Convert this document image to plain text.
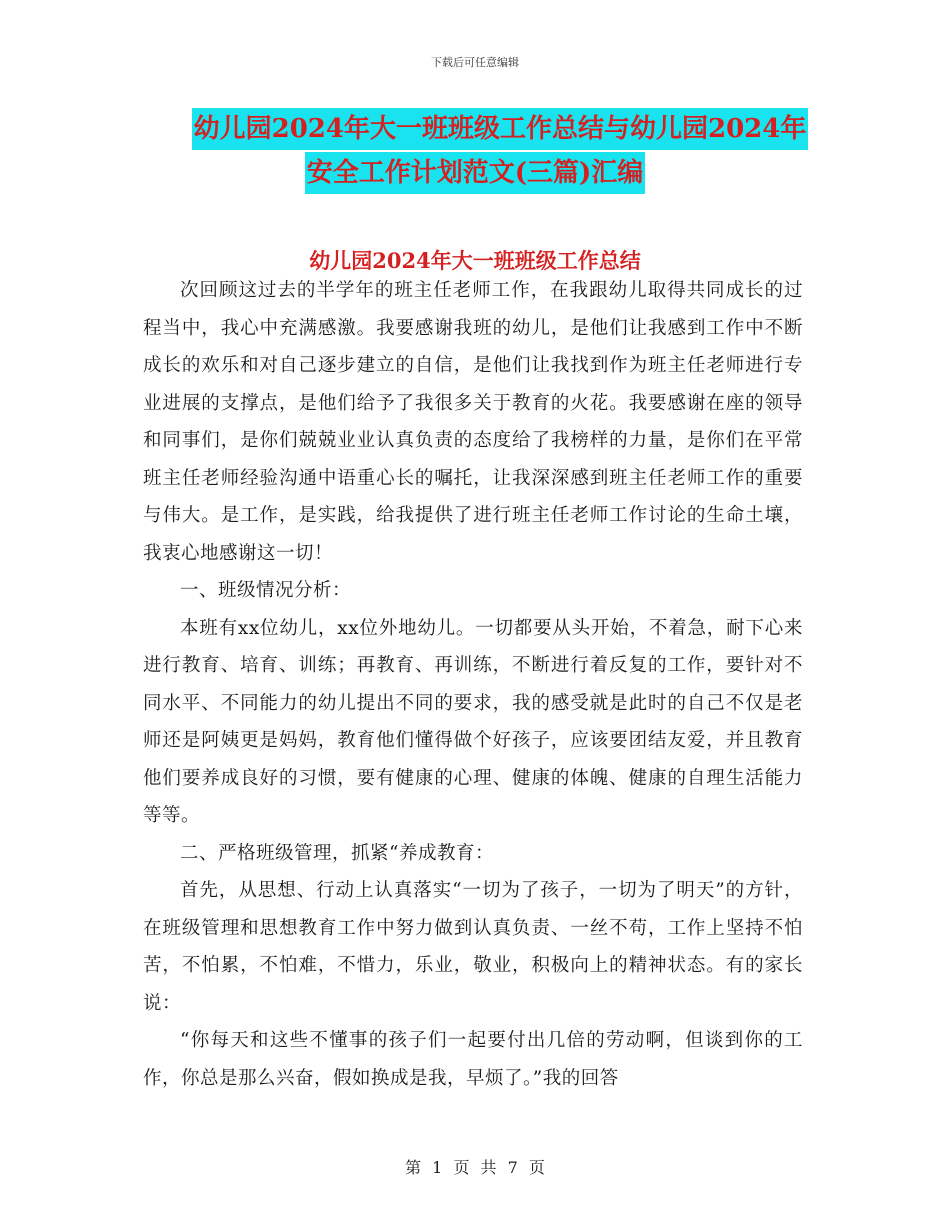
下载后可任意编辑
幼儿园2024年大一班班级工作总结与幼儿园2024年
安全工作计划范文(三篇)汇编
幼儿园2024年大一班班级工作总结

次回顾这过去的半学年的班主任老师工作，在我跟幼儿取得共同成长的过程当中，我心中充满感激。我要感谢我班的幼儿，是他们让我感到工作中不断成长的欢乐和对自己逐步建立的自信，是他们让我找到作为班主任老师进行专业进展的支撑点，是他们给予了我很多关于教育的火花。我要感谢在座的领导和同事们，是你们兢兢业业认真负责的态度给了我榜样的力量，是你们在平常班主任老师经验沟通中语重心长的嘱托，让我深深感到班主任老师工作的重要与伟大。是工作，是实践，给我提供了进行班主任老师工作讨论的生命土壤，我衷心地感谢这一切！

一、班级情况分析：

本班有xx位幼儿，xx位外地幼儿。一切都要从头开始，不着急，耐下心来进行教育、培育、训练；再教育、再训练，不断进行着反复的工作，要针对不同水平、不同能力的幼儿提出不同的要求，我的感受就是此时的自己不仅是老师还是阿姨更是妈妈，教育他们懂得做个好孩子，应该要团结友爱，并且教育他们要养成良好的习惯，要有健康的心理、健康的体魄、健康的自理生活能力等等。

二、严格班级管理，抓紧“养成教育：

首先，从思想、行动上认真落实“一切为了孩子，一切为了明天”的方针，在班级管理和思想教育工作中努力做到认真负责、一丝不苟，工作上坚持不怕苦，不怕累，不怕难，不惜力，乐业，敬业，积极向上的精神状态。有的家长说：

“你每天和这些不懂事的孩子们一起要付出几倍的劳动啊，但谈到你的工作，你总是那么兴奋，假如换成是我，早烦了。”我的回答

第 1 页 共 7 页
